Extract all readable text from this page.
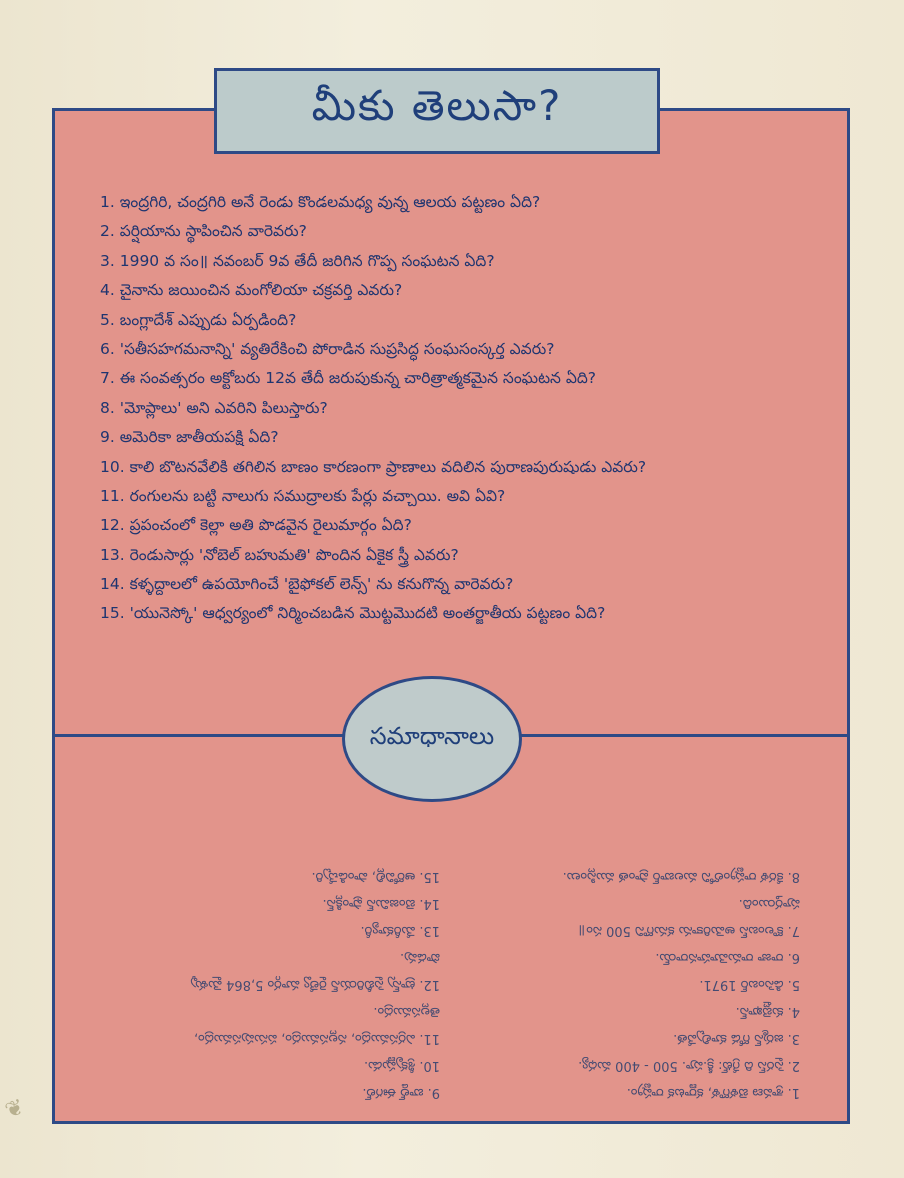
మీకు తెలుసా?
1. ఇంద్రగిరి, చంద్రగిరి అనే రెండు కొండలమధ్య వున్న ఆలయ పట్టణం ఏది?
2. పర్షియాను స్థాపించిన వారెవరు?
3. 1990 వ సం॥ నవంబర్ 9వ తేదీ జరిగిన గొప్ప సంఘటన ఏది?
4. చైనాను జయించిన మంగోలియా చక్రవర్తి ఎవరు?
5. బంగ్లాదేశ్ ఎప్పుడు ఏర్పడింది?
6. 'సతీసహగమనాన్ని' వ్యతిరేకించి పోరాడిన సుప్రసిద్ధ సంఘసంస్కర్త ఎవరు?
7. ఈ సంవత్సరం అక్టోబరు 12వ తేదీ జరుపుకున్న చారిత్రాత్మకమైన సంఘటన ఏది?
8. 'మోప్లాలు' అని ఎవరిని పిలుస్తారు?
9. అమెరికా జాతీయపక్షి ఏది?
10. కాలి బొటనవేలికి తగిలిన బాణం కారణంగా ప్రాణాలు వదిలిన పురాణపురుషుడు ఎవరు?
11. రంగులను బట్టి నాలుగు సముద్రాలకు పేర్లు వచ్చాయి. అవి ఏవి?
12. ప్రపంచంలో కెల్లా అతి పొడవైన రైలుమార్గం ఏది?
13. రెండుసార్లు 'నోబెల్ బహుమతి' పొందిన ఏకైక స్త్రీ ఎవరు?
14. కళ్ళద్దాలలో ఉపయోగించే 'బైఫోకల్ లెన్స్' ను కనుగొన్న వారెవరు?
15. 'యునెస్కో' ఆధ్వర్యంలో నిర్మించబడిన మొట్టమొదటి అంతర్జాతీయ పట్టణం ఏది?
సమాధానాలు
1. శ్రావణ బెళగొళ, కర్ణాటక రాష్ట్రం.
2. సైరస్ ది గ్రేట్: క్రీ.పూ. 500 - 400 మధ్య.
3. జర్మన్ గోడ కూల్చివేత.
4. కుబ్లైఖాన్.
5. డిసెంబర్ 1971.
6. రాజా రామమోహనరాయ్.
7. కొలంబస్ అమెరికాను కనుగొని 500 సం॥
పూర్తయింది.
8. కేరళ రాష్ట్రంలోని మలబార్ ప్రాంత ముస్లింలు.
9. బాల్డ్ ఈగల్.
10. శ్రీకృష్ణుడు.
11. ఎర్రసముద్రం, నల్లసముద్రం, పసుపుసముద్రం,
తెల్లసముద్రం.
12. ట్రాన్స్ సైబీరియన్ రైల్వే మార్గం 5,864 మైళ్ళు
పొడవు.
13. మేరీక్యూరీ.
14. బెంజమిన్ ఫ్రాంక్లిన్.
15. ఆరోవిల్లి, పాండిచ్చేరి.
❦
